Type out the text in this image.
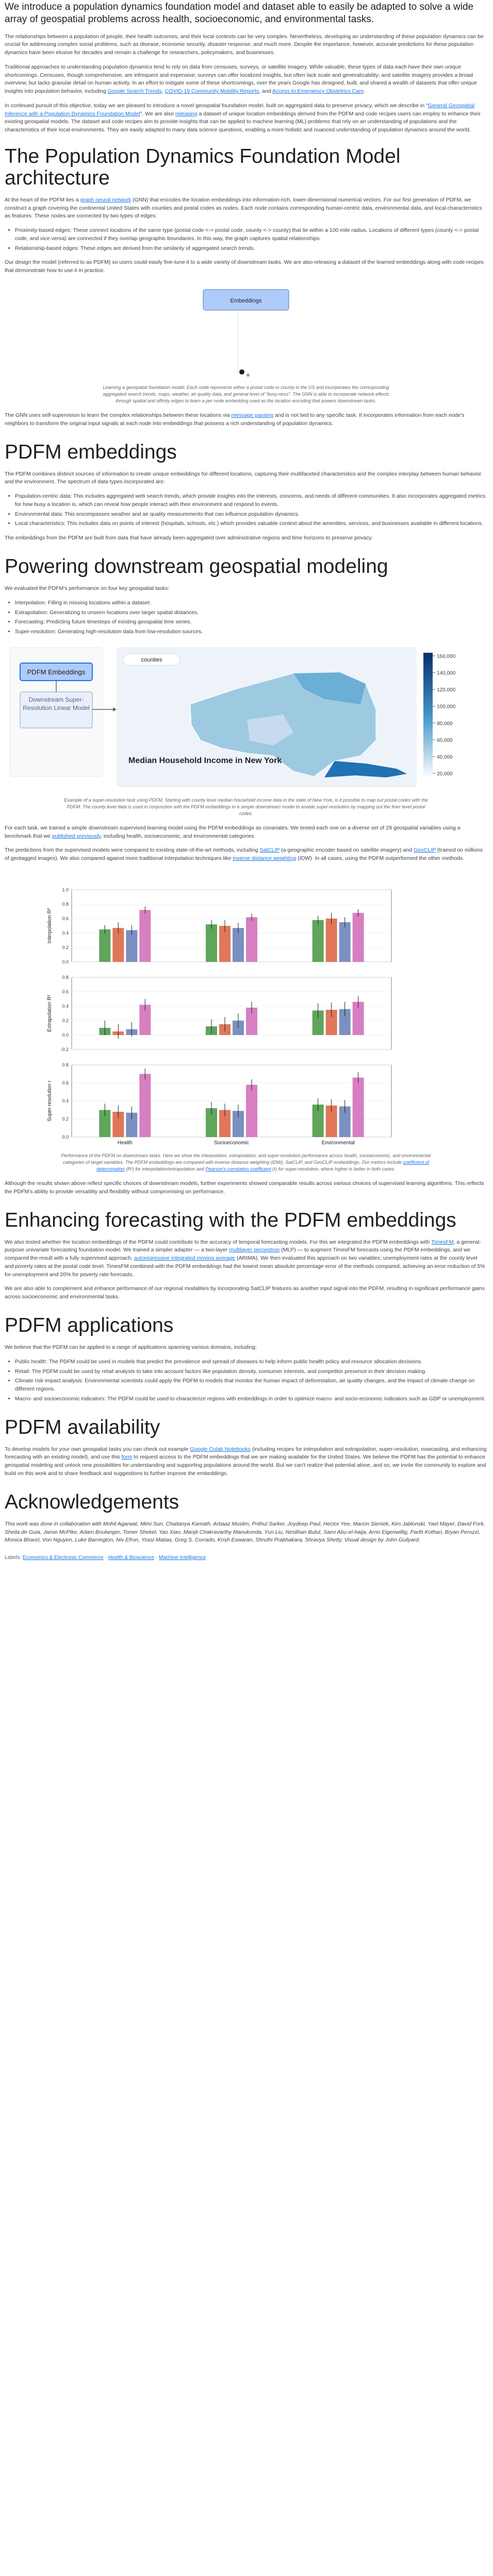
We introduce a population dynamics foundation model and dataset able to easily be adapted to solve a wide array of geospatial problems across health, socioeconomic, and environmental tasks.

The relationships between a population of people, their health outcomes, and their local contexts can be very complex. Nevertheless, developing an understanding of these population dynamics can be crucial for addressing complex social problems, such as disease, economic security, disaster response, and much more. Despite the importance, however, accurate predictions for these population dynamics have been elusive for decades and remain a challenge for researchers, policymakers, and businesses.

Traditional approaches to understanding population dynamics tend to rely on data from censuses, surveys, or satellite imagery. While valuable, these types of data each have their own unique shortcomings. Censuses, though comprehensive, are infrequent and expensive; surveys can offer localized insights, but often lack scale and generalizability; and satellite imagery provides a broad overview, but lacks granular detail on human activity. In an effort to mitigate some of these shortcomings, over the years Google has designed, built, and shared a wealth of datasets that offer unique insights into population behavior, including Google Search Trends, COVID-19 Community Mobility Reports, and Access to Emergency Obstetrics Care.

In continued pursuit of this objective, today we are pleased to introduce a novel geospatial foundation model, built on aggregated data to preserve privacy, which we describe in "General Geospatial Inference with a Population Dynamics Foundation Model". We are also releasing a dataset of unique location embeddings derived from the PDFM and code recipes users can employ to enhance their existing geospatial models. The dataset and code recipes aim to provide insights that can be applied to machine learning (ML) problems that rely on an understanding of populations and the characteristics of their local environments. They are easily adapted to many data science questions, enabling a more holistic and nuanced understanding of population dynamics around the world.

The Population Dynamics Foundation Model architecture

At the heart of the PDFM lies a graph neural network (GNN) that encodes the location embeddings into information-rich, lower-dimensional numerical vectors. For our first generation of PDFM, we construct a graph covering the continental United States with counties and postal codes as nodes. Each node contains corresponding human-centric data, environmental data, and local characteristics as features. These nodes are connected by two types of edges:

• Proximity-based edges: These connect locations of the same type (postal code <-> postal code, county <-> county) that lie within a 100 mile radius. Locations of different types (county <-> postal code, and vice versa) are connected if they overlap geographic boundaries. In this way, the graph captures spatial relationships.
• Relationship-based edges: These edges are derived from the similarity of aggregated search trends.

Our design the model (referred to as PDFM) so users could easily fine-tune it to a wide variety of downstream tasks. We are also releasing a dataset of the learned embeddings along with code recipes that demonstrate how to use it in practice.

Embeddings
Learning a geospatial foundation model. Each node represents either a postal code or county in the US and incorporates the corresponding aggregated search trends, maps, weather, air quality data, and general level of "busy-ness". The GNN is able to incorporate network effects through spatial and affinity edges to learn a per node embedding used as the location encoding that powers downstream tasks.

The GNN uses self-supervision to learn the complex relationships between these locations via message passing and is not tied to any specific task. It incorporates information from each node's neighbors to transform the original input signals at each node into embeddings that possess a rich understanding of population dynamics.

PDFM embeddings

The PDFM combines distinct sources of information to create unique embeddings for different locations, capturing their multifaceted characteristics and the complex interplay between human behavior and the environment. The spectrum of data types incorporated are:

• Population-centric data: This includes aggregated web search trends, which provide insights into the interests, concerns, and needs of different communities. It also incorporates aggregated metrics for how busy a location is, which can reveal how people interact with their environment and respond to events.
• Environmental data: This encompasses weather and air quality measurements that can influence population dynamics.
• Local characteristics: This includes data on points of interest (hospitals, schools, etc.) which provides valuable context about the amenities, services, and businesses available in different locations.

The embeddings from the PDFM are built from data that have already been aggregated over administrative regions and time horizons to preserve privacy.

Powering downstream geospatial modeling

We evaluated the PDFM's performance on four key geospatial tasks:

• Interpolation: Filling in missing locations within a dataset.
• Extrapolation: Generalizing to unseen locations over larger spatial distances.
• Forecasting: Predicting future timesteps of existing geospatial time series.
• Super-resolution: Generating high-resolution data from low-resolution sources.
PDFM Embeddings
Downstream Super-Resolution Linear Model
counties
Median Household Income in New York
160,000
140,000
120,000
100,000
80,000
60,000
40,000
20,000
Example of a super-resolution task using PDFM. Starting with county level median household income data in the state of New York, is it possible to map out postal codes with the PDFM. The county level data is used in conjunction with the PDFM embeddings in a simple downstream model to enable super-resolution by mapping out the finer level postal codes.

For each task, we trained a simple downstream supervised learning model using the PDFM embeddings as covariates. We tested each one on a diverse set of 29 geospatial variables using a benchmark that we published previously, including health, socioeconomic, and environmental categories.

The predictions from the supervised models were compared to existing state-of-the-art methods, including SatCLIP (a geographic encoder based on satellite imagery) and GeoCLIP (trained on millions of geotagged images). We also compared against more traditional interpolation techniques like inverse distance weighting (IDW). In all cases, using the PDFM outperformed the other methods.

0.0
0.2
0.4
0.6
0.8
1.0
Interpolation R²
-0.2
0.0
0.2
0.4
0.6
0.8
Extrapolation R²
0.0
0.2
0.4
0.6
0.8
Super-resolution r
Health	Socioeconomic	Environmental
Performance of the PDFM on downstream tasks. Here we show the interpolation, extrapolation, and super-resolution performance across health, socioeconomic, and environmental categories of target variables. The PDFM embeddings are compared with inverse distance weighting (IDW), SatCLIP, and GeoCLIP embeddings. Our metrics include coefficient of determination (R²) for interpolation/extrapolation and Pearson's correlation coefficient (r) for super-resolution, where higher is better in both cases.

Although the results shown above reflect specific choices of downstream models, further experiments showed comparable results across various choices of supervised learning algorithms. This reflects the PDFM's ability to provide versatility and flexibility without compromising on performance.

Enhancing forecasting with the PDFM embeddings

We also tested whether the location embeddings of the PDFM could contribute to the accuracy of temporal forecasting models. For this we integrated the PDFM embeddings with TimesFM, a general-purpose univariate forecasting foundation model. We trained a simpler adapter — a two-layer multilayer perceptron (MLP) — to augment TimesFM forecasts using the PDFM embeddings, and we compared the result with a fully supervised approach, autoregressive integrated moving average (ARIMA). We then evaluated this approach on two variables: unemployment rates at the county level and poverty rates at the postal code level. TimesFM combined with the PDFM embeddings had the lowest mean absolute percentage error of the methods compared, achieving an error reduction of 5% for unemployment and 20% for poverty rate forecasts.

We are also able to complement and enhance performance of our regional modalities by incorporating SatCLIP features as another input signal into the PDFM, resulting in significant performance gains across socioeconomic and environmental tasks.

PDFM applications

We believe that the PDFM can be applied to a range of applications spanning various domains, including:

• Public health: The PDFM could be used in models that predict the prevalence and spread of diseases to help inform public health policy and resource allocation decisions.
• Retail: The PDFM could be used by retail analysts to take into account factors like population density, consumer interests, and competitor presence in their decision making.
• Climate risk impact analysis: Environmental scientists could apply the PDFM to models that monitor the human impact of deforestation, air quality changes, and the impact of climate change on different regions.
• Macro- and socioeconomic indicators: The PDFM could be used to characterize regions with embeddings in order to optimize macro- and socio-economic indicators such as GDP or unemployment.
PDFM availability

To develop models for your own geospatial tasks you can check out example Google Colab Notebooks (including recipes for interpolation and extrapolation, super-resolution, nowcasting, and enhancing forecasting with an existing model), and use this form to request access to the PDFM embeddings that we are making available for the United States. We believe the PDFM has the potential to enhance geospatial modeling and unlock new possibilities for understanding and supporting populations around the world. But we can't realize that potential alone, and so, we invite the community to explore and build on this work and to share feedback and suggestions to further improve the embeddings.

Acknowledgements

This work was done in collaboration with Mohit Agarwal, Mimi Sun, Chaitanya Kamath, Arbaaz Muslim, Prithul Sarker, Joydeep Paul, Hector Yee, Marcin Sieniek, Kim Jablonski, Yael Mayer, David Fork, Sheila de Guia, Jamie McPike, Adam Boulanger, Tomer Shekel, Yao Xiao, Manjit Chakravarthy Manukonda, Yun Liu, Neslihan Bulut, Sami Abu-el-haija, Arno Eigenwillig, Parth Kothari, Bryan Perozzi, Monica Bharel, Von Nguyen, Luke Barrington, Niv Efron, Yossi Matias, Greg S. Corrado, Krish Eswaran, Shruthi Prabhakara, Shravya Shetty, Visual design by John Guilyard.

Labels: Economics & Electronic Commerce · Health & Bioscience · Machine Intelligence
